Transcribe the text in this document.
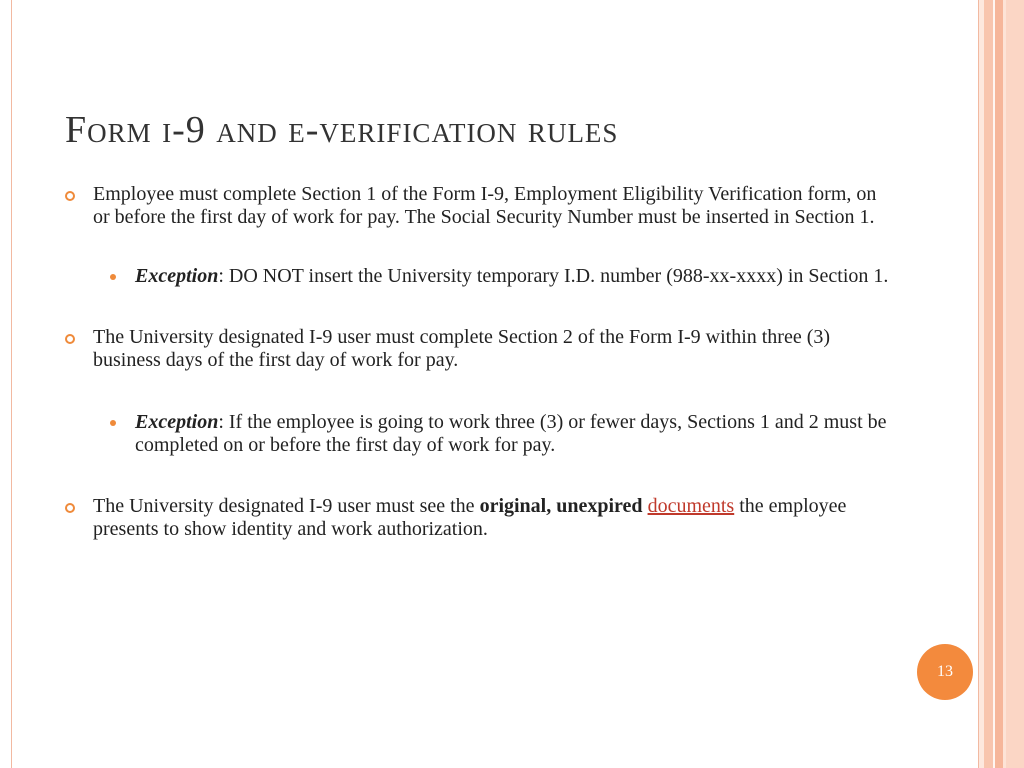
Form i-9 and e-verification rules

Employee must complete Section 1 of the Form I-9, Employment Eligibility Verification form, on or before the first day of work for pay. The Social Security Number must be inserted in Section 1.

Exception: DO NOT insert the University temporary I.D. number (988-xx-xxxx) in Section 1.

The University designated I-9 user must complete Section 2 of the Form I-9 within three (3) business days of the first day of work for pay.

Exception: If the employee is going to work three (3) or fewer days, Sections 1 and 2 must be completed on or before the first day of work for pay.

The University designated I-9 user must see the original, unexpired documents the employee presents to show identity and work authorization.

13
